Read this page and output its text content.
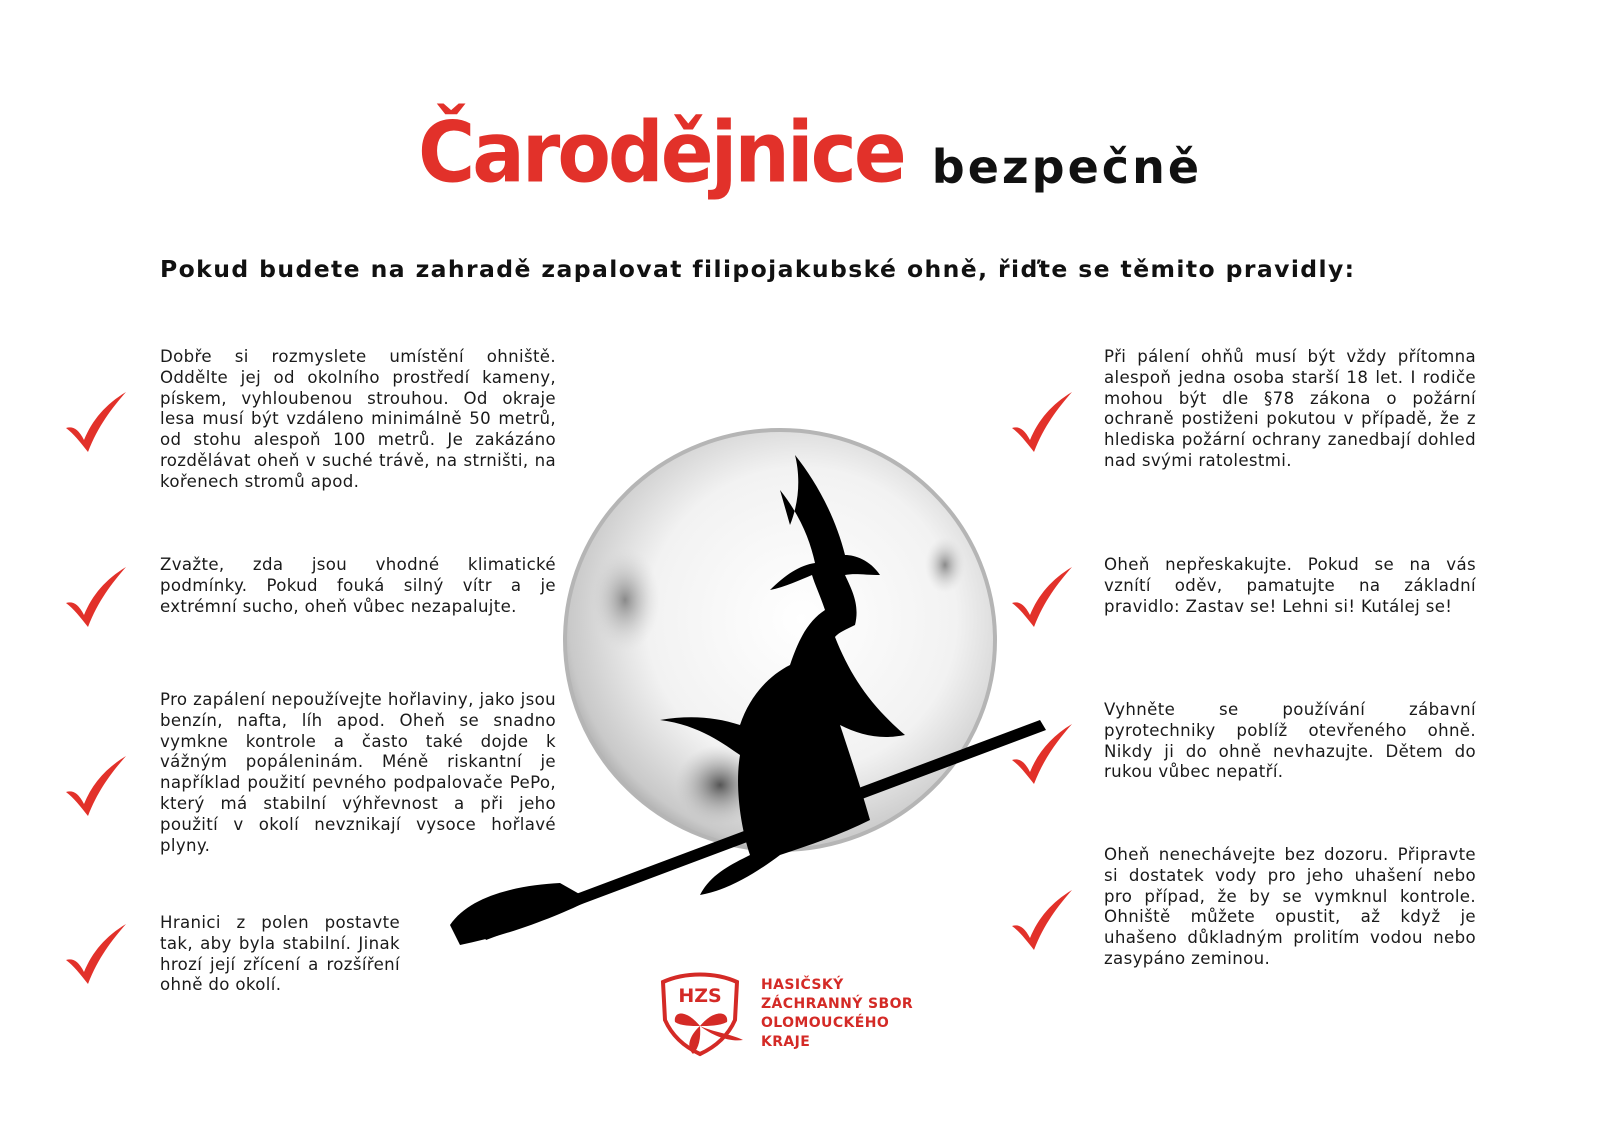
Čarodějnice bezpečně
Pokud budete na zahradě zapalovat filipojakubské ohně, řiďte se těmito pravidly:
Dobře si rozmyslete umístění ohniště. Oddělte jej od okolního prostředí kameny, pískem, vyhloubenou strouhou. Od okraje lesa musí být vzdáleno minimálně 50 metrů, od stohu alespoň 100 metrů. Je zakázáno rozdělávat oheň v suché trávě, na strništi, na kořenech stromů apod.
Zvažte, zda jsou vhodné klimatické podmínky. Pokud fouká silný vítr a je extrémní sucho, oheň vůbec nezapalujte.
Pro zapálení nepoužívejte hořlaviny, jako jsou benzín, nafta, líh apod. Oheň se snadno vymkne kontrole a často také dojde k vážným popáleninám. Méně riskantní je například použití pevného podpalovače PePo, který má stabilní výhřevnost a při jeho použití v okolí nevznikají vysoce hořlavé plyny.
Hranici z polen postavte tak, aby byla stabilní. Jinak hrozí její zřícení a rozšíření ohně do okolí.
Při pálení ohňů musí být vždy přítomna alespoň jedna osoba starší 18 let. I rodiče mohou být dle §78 zákona o požární ochraně postiženi pokutou v případě, že z hlediska požární ochrany zanedbají dohled nad svými ratolestmi.
Oheň nepřeskakujte. Pokud se na vás vznítí oděv, pamatujte na základní pravidlo: Zastav se! Lehni si! Kutálej se!
Vyhněte se používání zábavní pyrotechniky poblíž otevřeného ohně. Nikdy ji do ohně nevhazujte. Dětem do rukou vůbec nepatří.
Oheň nenechávejte bez dozoru. Připravte si dostatek vody pro jeho uhašení nebo pro případ, že by se vymknul kontrole. Ohniště můžete opustit, až když je uhašeno důkladným prolitím vodou nebo zasypáno zeminou.
HZS	HASIČSKÝ
ZÁCHRANNÝ SBOR
OLOMOUCKÉHO
KRAJE
